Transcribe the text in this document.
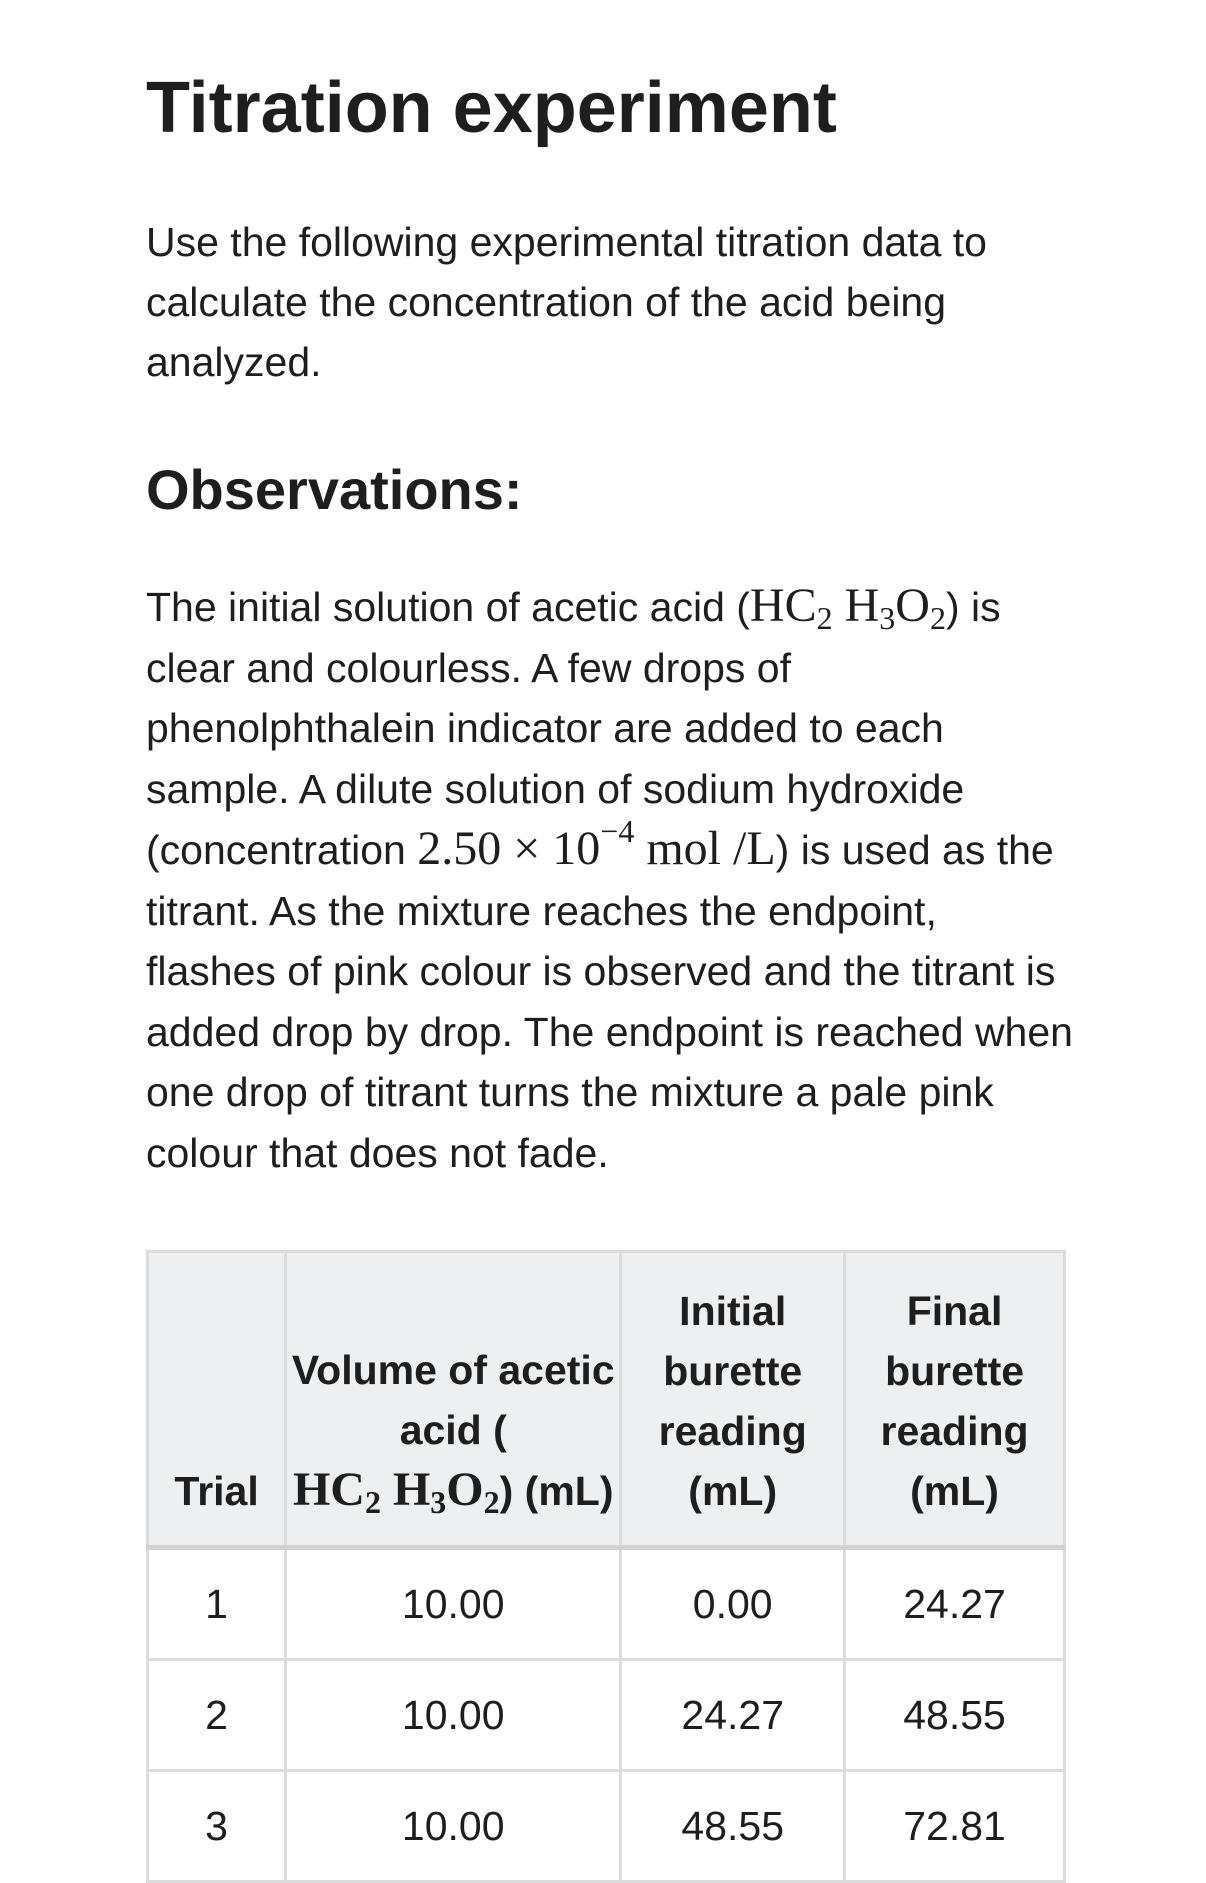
Titration experiment

Use the following experimental titration data to calculate the concentration of the acid being analyzed.

Observations:

The initial solution of acetic acid ($HC_2$ $H_3O_2$) is clear and colourless. A few drops of phenolphthalein indicator are added to each sample. A dilute solution of sodium hydroxide (concentration $2.50 \times 10^{-4}$ mol /L) is used as the titrant. As the mixture reaches the endpoint, flashes of pink colour is observed and the titrant is added drop by drop. The endpoint is reached when one drop of titrant turns the mixture a pale pink colour that does not fade.

Trial	Volume of acetic acid (
$HC_2$ $H_3O_2$) (mL)	Initial burette reading (mL)	Final burette reading (mL)
1	10.00	0.00	24.27
2	10.00	24.27	48.55
3	10.00	48.55	72.81
